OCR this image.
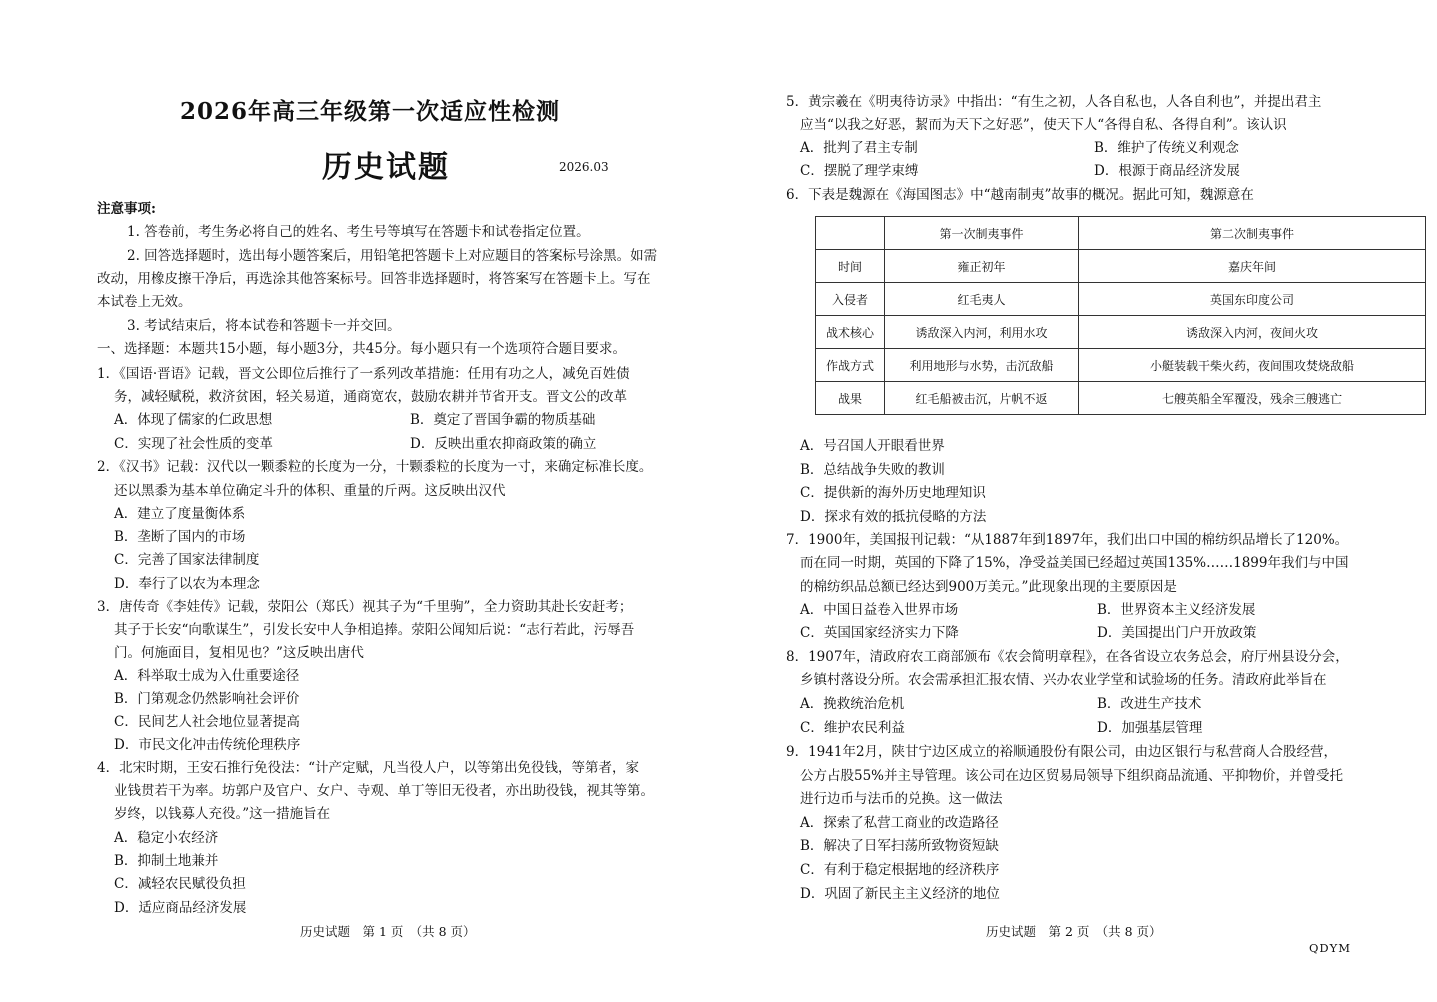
2026年高三年级第一次适应性检测
历史试题	2026.03
注意事项:
1. 答卷前，考生务必将自己的姓名、考生号等填写在答题卡和试卷指定位置。
2. 回答选择题时，选出每小题答案后，用铅笔把答题卡上对应题目的答案标号涂黑。如需
改动，用橡皮擦干净后，再选涂其他答案标号。回答非选择题时，将答案写在答题卡上。写在
本试卷上无效。
3. 考试结束后，将本试卷和答题卡一并交回。
一、选择题：本题共15小题，每小题3分，共45分。每小题只有一个选项符合题目要求。
1．《国语·晋语》记载，晋文公即位后推行了一系列改革措施：任用有功之人，减免百姓债
务，减轻赋税，救济贫困，轻关易道，通商宽农，鼓励农耕并节省开支。晋文公的改革
A．体现了儒家的仁政思想	B．奠定了晋国争霸的物质基础
C．实现了社会性质的变革	D．反映出重农抑商政策的确立
2．《汉书》记载：汉代以一颗黍粒的长度为一分，十颗黍粒的长度为一寸，来确定标准长度。
还以黑黍为基本单位确定斗升的体积、重量的斤两。这反映出汉代
A．建立了度量衡体系
B．垄断了国内的市场
C．完善了国家法律制度
D．奉行了以农为本理念
3．唐传奇《李娃传》记载，荥阳公（郑氏）视其子为“千里驹”，全力资助其赴长安赶考；
其子于长安“向歌谋生”，引发长安中人争相追捧。荥阳公闻知后说：“志行若此，污辱吾
门。何施面目，复相见也？”这反映出唐代
A．科举取士成为入仕重要途径
B．门第观念仍然影响社会评价
C．民间艺人社会地位显著提高
D．市民文化冲击传统伦理秩序
4．北宋时期，王安石推行免役法：“计产定赋，凡当役人户，以等第出免役钱，等第者，家
业钱贯若干为率。坊郭户及官户、女户、寺观、单丁等旧无役者，亦出助役钱，视其等第。
岁终，以钱募人充役。”这一措施旨在
A．稳定小农经济
B．抑制土地兼并
C．减轻农民赋役负担
D．适应商品经济发展
历史试题　第 1 页　（共 8 页）
5．黄宗羲在《明夷待访录》中指出：“有生之初，人各自私也，人各自利也”，并提出君主
应当“以我之好恶，絜而为天下之好恶”，使天下人“各得自私、各得自利”。该认识
A．批判了君主专制	B．维护了传统义利观念
C．摆脱了理学束缚	D．根源于商品经济发展
6．下表是魏源在《海国图志》中“越南制夷”故事的概况。据此可知，魏源意在
	第一次制夷事件	第二次制夷事件
时间	雍正初年	嘉庆年间
入侵者	红毛夷人	英国东印度公司
战术核心	诱敌深入内河，利用水攻	诱敌深入内河，夜间火攻
作战方式	利用地形与水势，击沉敌船	小艇装载干柴火药，夜间围攻焚烧敌船
战果	红毛船被击沉，片帆不返	七艘英船全军覆没，残余三艘逃亡
A．号召国人开眼看世界
B．总结战争失败的教训
C．提供新的海外历史地理知识
D．探求有效的抵抗侵略的方法
7．1900年，美国报刊记载：“从1887年到1897年，我们出口中国的棉纺织品增长了120%。
而在同一时期，英国的下降了15%，净受益美国已经超过英国135%……1899年我们与中国
的棉纺织品总额已经达到900万美元。”此现象出现的主要原因是
A．中国日益卷入世界市场	B．世界资本主义经济发展
C．英国国家经济实力下降	D．美国提出门户开放政策
8．1907年，清政府农工商部颁布《农会简明章程》，在各省设立农务总会，府厅州县设分会，
乡镇村落设分所。农会需承担汇报农情、兴办农业学堂和试验场的任务。清政府此举旨在
A．挽救统治危机	B．改进生产技术
C．维护农民利益	D．加强基层管理
9．1941年2月，陕甘宁边区成立的裕顺通股份有限公司，由边区银行与私营商人合股经营，
公方占股55%并主导管理。该公司在边区贸易局领导下组织商品流通、平抑物价，并曾受托
进行边币与法币的兑换。这一做法
A．探索了私营工商业的改造路径
B．解决了日军扫荡所致物资短缺
C．有利于稳定根据地的经济秩序
D．巩固了新民主主义经济的地位
历史试题　第 2 页　（共 8 页）
QDYM
